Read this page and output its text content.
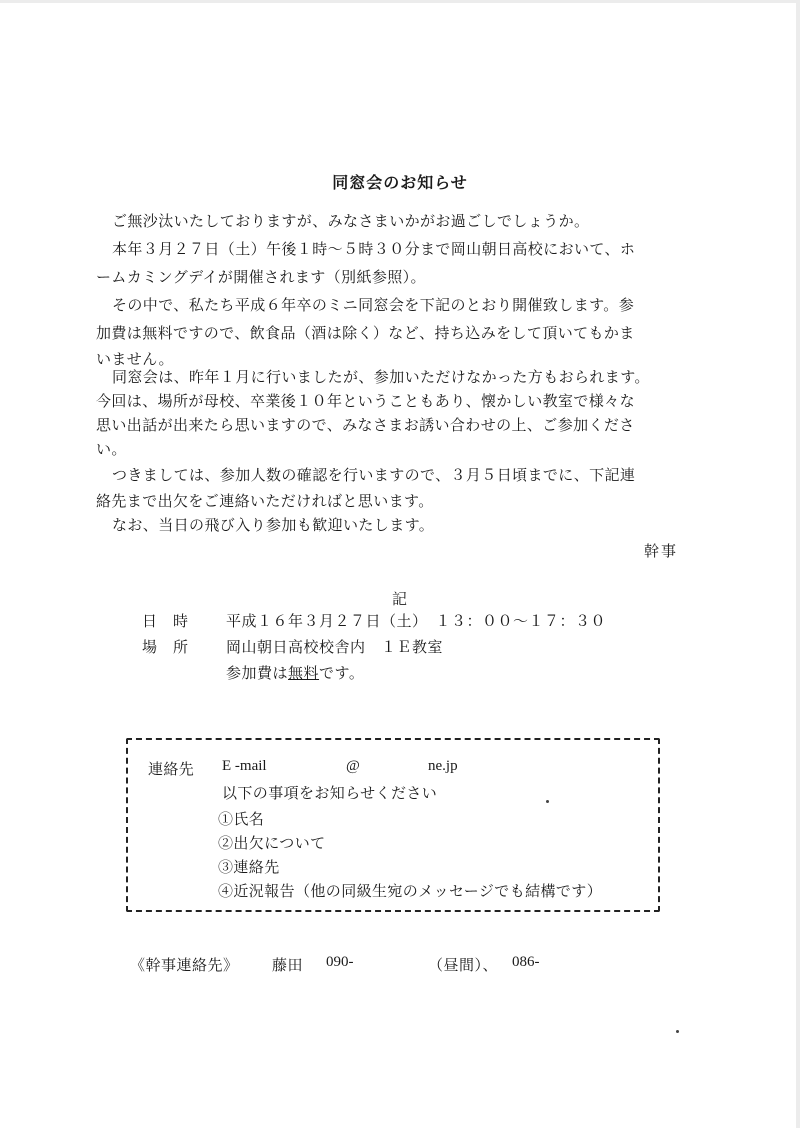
同窓会のお知らせ
ご無沙汰いたしておりますが、みなさまいかがお過ごしでしょうか。
本年３月２７日（土）午後１時～５時３０分まで岡山朝日高校において、ホ
ームカミングデイが開催されます（別紙参照）。
その中で、私たち平成６年卒のミニ同窓会を下記のとおり開催致します。参
加費は無料ですので、飲食品（酒は除く）など、持ち込みをして頂いてもかま
いません。
同窓会は、昨年１月に行いましたが、参加いただけなかった方もおられます。
今回は、場所が母校、卒業後１０年ということもあり、懐かしい教室で様々な
思い出話が出来たら思いますので、みなさまお誘い合わせの上、ご参加くださ
い。
つきましては、参加人数の確認を行いますので、３月５日頃までに、下記連
絡先まで出欠をご連絡いただければと思います。
なお、当日の飛び入り参加も歓迎いたします。
幹事
記
日　時 平成１６年３月２７日（土）　１３：００～１７：３０
場　所 岡山朝日高校校舎内　１Ｅ教室
参加費は無料です。
連絡先 E -mail	@	ne.jp
以下の事項をお知らせください
①氏名
②出欠について
③連絡先
④近況報告（他の同級生宛のメッセージでも結構です）
《幹事連絡先》 藤田 090-	（昼間）、 086-
